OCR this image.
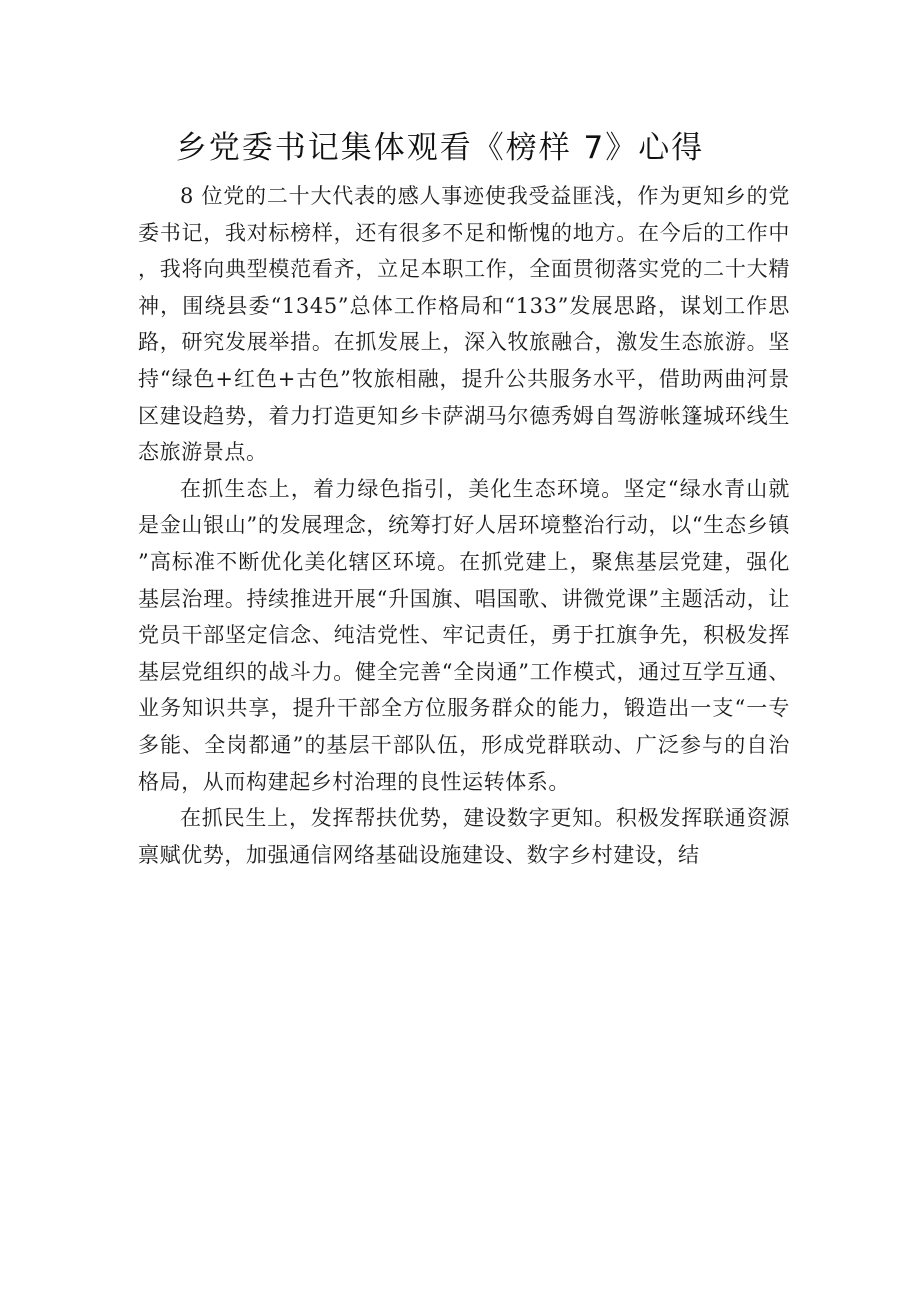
乡党委书记集体观看《榜样 7》心得

8 位党的二十大代表的感人事迹使我受益匪浅，作为更知乡的党委书记，我对标榜样，还有很多不足和惭愧的地方。在今后的工作中，我将向典型模范看齐，立足本职工作，全面贯彻落实党的二十大精神，围绕县委“1345”总体工作格局和“133”发展思路，谋划工作思路，研究发展举措。在抓发展上，深入牧旅融合，激发生态旅游。坚持“绿色+红色+古色”牧旅相融，提升公共服务水平，借助两曲河景区建设趋势，着力打造更知乡卡萨湖马尔德秀姆自驾游帐篷城环线生态旅游景点。

在抓生态上，着力绿色指引，美化生态环境。坚定“绿水青山就是金山银山”的发展理念，统筹打好人居环境整治行动，以“生态乡镇”高标准不断优化美化辖区环境。在抓党建上，聚焦基层党建，强化基层治理。持续推进开展“升国旗、唱国歌、讲微党课”主题活动，让党员干部坚定信念、纯洁党性、牢记责任，勇于扛旗争先，积极发挥基层党组织的战斗力。健全完善“全岗通”工作模式，通过互学互通、业务知识共享，提升干部全方位服务群众的能力，锻造出一支“一专多能、全岗都通”的基层干部队伍，形成党群联动、广泛参与的自治格局，从而构建起乡村治理的良性运转体系。

在抓民生上，发挥帮扶优势，建设数字更知。积极发挥联通资源禀赋优势，加强通信网络基础设施建设、数字乡村建设，结
